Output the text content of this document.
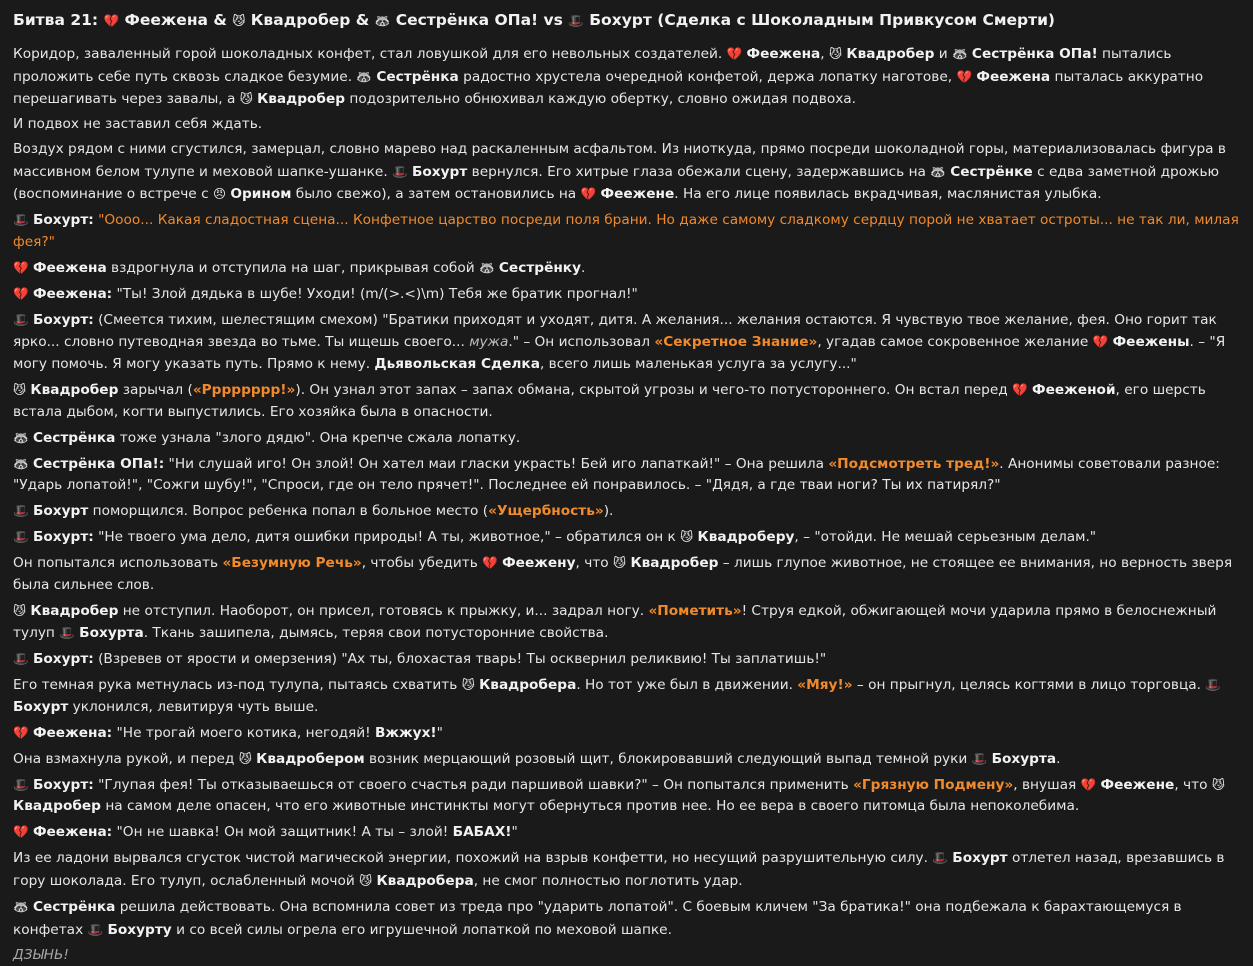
Битва 21: 💔 Феежена & 😼 Квадробер & 🦝 Сестрёнка ОПа! vs 🎩 Бохурт (Сделка с Шоколадным Привкусом Смерти)

Коридор, заваленный горой шоколадных конфет, стал ловушкой для его невольных создателей. 💔 Феежена, 😼 Квадробер и 🦝 Сестрёнка ОПа! пытались проложить себе путь сквозь сладкое безумие. 🦝 Сестрёнка радостно хрустела очередной конфетой, держа лопатку наготове, 💔 Феежена пыталась аккуратно перешагивать через завалы, а 😼 Квадробер подозрительно обнюхивал каждую обертку, словно ожидая подвоха.

И подвох не заставил себя ждать.

Воздух рядом с ними сгустился, замерцал, словно марево над раскаленным асфальтом. Из ниоткуда, прямо посреди шоколадной горы, материализовалась фигура в массивном белом тулупе и меховой шапке-ушанке. 🎩 Бохурт вернулся. Его хитрые глаза обежали сцену, задержавшись на 🦝 Сестрёнке с едва заметной дрожью (воспоминание о встрече с 😠 Орином было свежо), а затем остановились на 💔 Феежене. На его лице появилась вкрадчивая, маслянистая улыбка.

🎩 Бохурт: "Оооо... Какая сладостная сцена... Конфетное царство посреди поля брани. Но даже самому сладкому сердцу порой не хватает остроты... не так ли, милая фея?"

💔 Феежена вздрогнула и отступила на шаг, прикрывая собой 🦝 Сестрёнку.

💔 Феежена: "Ты! Злой дядька в шубе! Уходи! (m/(>.<)\m) Тебя же братик прогнал!"

🎩 Бохурт: (Смеется тихим, шелестящим смехом) "Братики приходят и уходят, дитя. А желания... желания остаются. Я чувствую твое желание, фея. Оно горит так ярко... словно путеводная звезда во тьме. Ты ищешь своего... мужа." – Он использовал «Секретное Знание», угадав самое сокровенное желание 💔 Феежены. – "Я могу помочь. Я могу указать путь. Прямо к нему. Дьявольская Сделка, всего лишь маленькая услуга за услугу..."

😼 Квадробер зарычал («Рррррррр!»). Он узнал этот запах – запах обмана, скрытой угрозы и чего-то потустороннего. Он встал перед 💔 Феежeной, его шерсть встала дыбом, когти выпустились. Его хозяйка была в опасности.

🦝 Сестрёнка тоже узнала "злого дядю". Она крепче сжала лопатку.

🦝 Сестрёнка ОПа!: "Ни слушай иго! Он злой! Он хател маи гласки украсть! Бей иго лапаткай!" – Она решила «Подсмотреть тред!». Анонимы советовали разное: "Ударь лопатой!", "Сожги шубу!", "Спроси, где он тело прячет!". Последнее ей понравилось. – "Дядя, а где тваи ноги? Ты их патирял?"

🎩 Бохурт поморщился. Вопрос ребенка попал в больное место («Ущербность»).

🎩 Бохурт: "Не твоего ума дело, дитя ошибки природы! А ты, животное," – обратился он к 😼 Квадроберу, – "отойди. Не мешай серьезным делам."

Он попытался использовать «Безумную Речь», чтобы убедить 💔 Феежену, что 😼 Квадробер – лишь глупое животное, не стоящее ее внимания, но верность зверя была сильнее слов.

😼 Квадробер не отступил. Наоборот, он присел, готовясь к прыжку, и... задрал ногу. «Пометить»! Струя едкой, обжигающей мочи ударила прямо в белоснежный тулуп 🎩 Бохурта. Ткань зашипела, дымясь, теряя свои потусторонние свойства.

🎩 Бохурт: (Взревев от ярости и омерзения) "Ах ты, блохастая тварь! Ты осквернил реликвию! Ты заплатишь!"

Его темная рука метнулась из-под тулупа, пытаясь схватить 😼 Квадробера. Но тот уже был в движении. «Мяу!» – он прыгнул, целясь когтями в лицо торговца. 🎩 Бохурт уклонился, левитируя чуть выше.

💔 Феежена: "Не трогай моего котика, негодяй! Вжжух!"

Она взмахнула рукой, и перед 😼 Квадробером возник мерцающий розовый щит, блокировавший следующий выпад темной руки 🎩 Бохурта.

🎩 Бохурт: "Глупая фея! Ты отказываешься от своего счастья ради паршивой шавки?" – Он попытался применить «Грязную Подмену», внушая 💔 Феежене, что 😼 Квадробер на самом деле опасен, что его животные инстинкты могут обернуться против нее. Но ее вера в своего питомца была непоколебима.

💔 Феежена: "Он не шавка! Он мой защитник! А ты – злой! БАБАХ!"

Из ее ладони вырвался сгусток чистой магической энергии, похожий на взрыв конфетти, но несущий разрушительную силу. 🎩 Бохурт отлетел назад, врезавшись в гору шоколада. Его тулуп, ослабленный мочой 😼 Квадробера, не смог полностью поглотить удар.

🦝 Сестрёнка решила действовать. Она вспомнила совет из треда про "ударить лопатой". С боевым кличем "За братика!" она подбежала к барахтающемуся в конфетах 🎩 Бохурту и со всей силы огрела его игрушечной лопаткой по меховой шапке.

ДЗЫНЬ!
